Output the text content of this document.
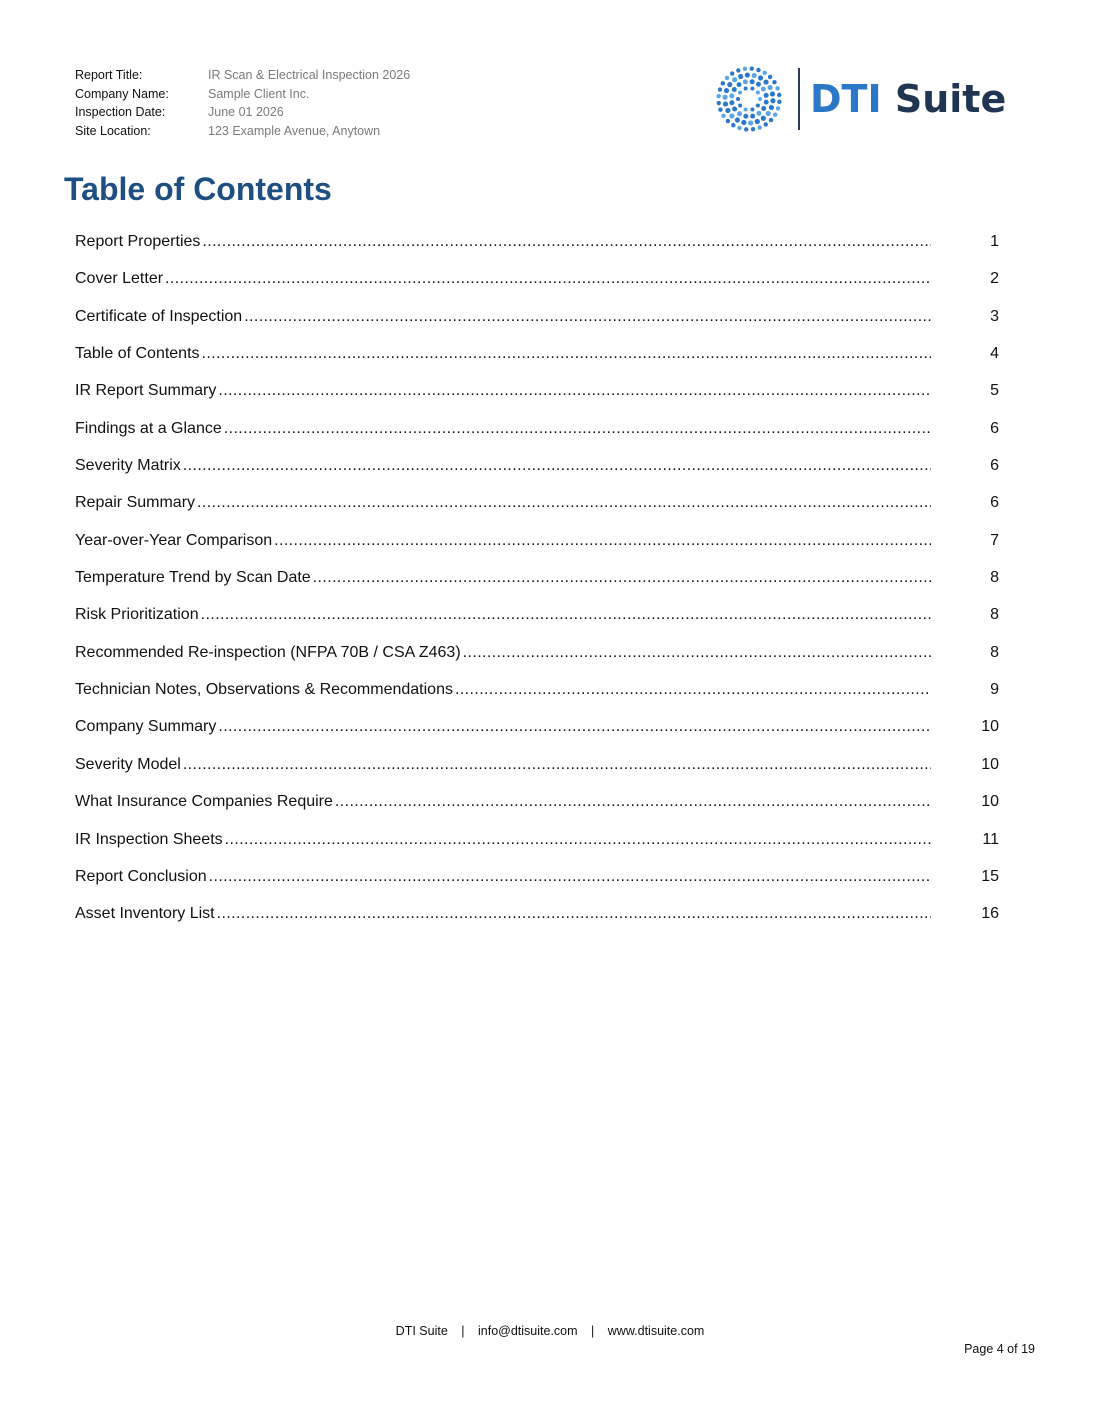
Report Title:	IR Scan & Electrical Inspection 2026
Company Name:	Sample Client Inc.
Inspection Date:	June 01 2026
Site Location:	123 Example Avenue, Anytown
DTI Suite
Table of Contents
Report Properties .....	1
Cover Letter .....	2
Certificate of Inspection .....	3
Table of Contents .....	4
IR Report Summary .....	5
Findings at a Glance .....	6
Severity Matrix .....	6
Repair Summary .....	6
Year-over-Year Comparison .....	7
Temperature Trend by Scan Date .....	8
Risk Prioritization .....	8
Recommended Re-inspection (NFPA 70B / CSA Z463) .....	8
Technician Notes, Observations & Recommendations .....	9
Company Summary .....	10
Severity Model .....	10
What Insurance Companies Require .....	10
IR Inspection Sheets .....	11
Report Conclusion .....	15
Asset Inventory List .....	16
DTI Suite | info@dtisuite.com | www.dtisuite.com
Page 4 of 19
